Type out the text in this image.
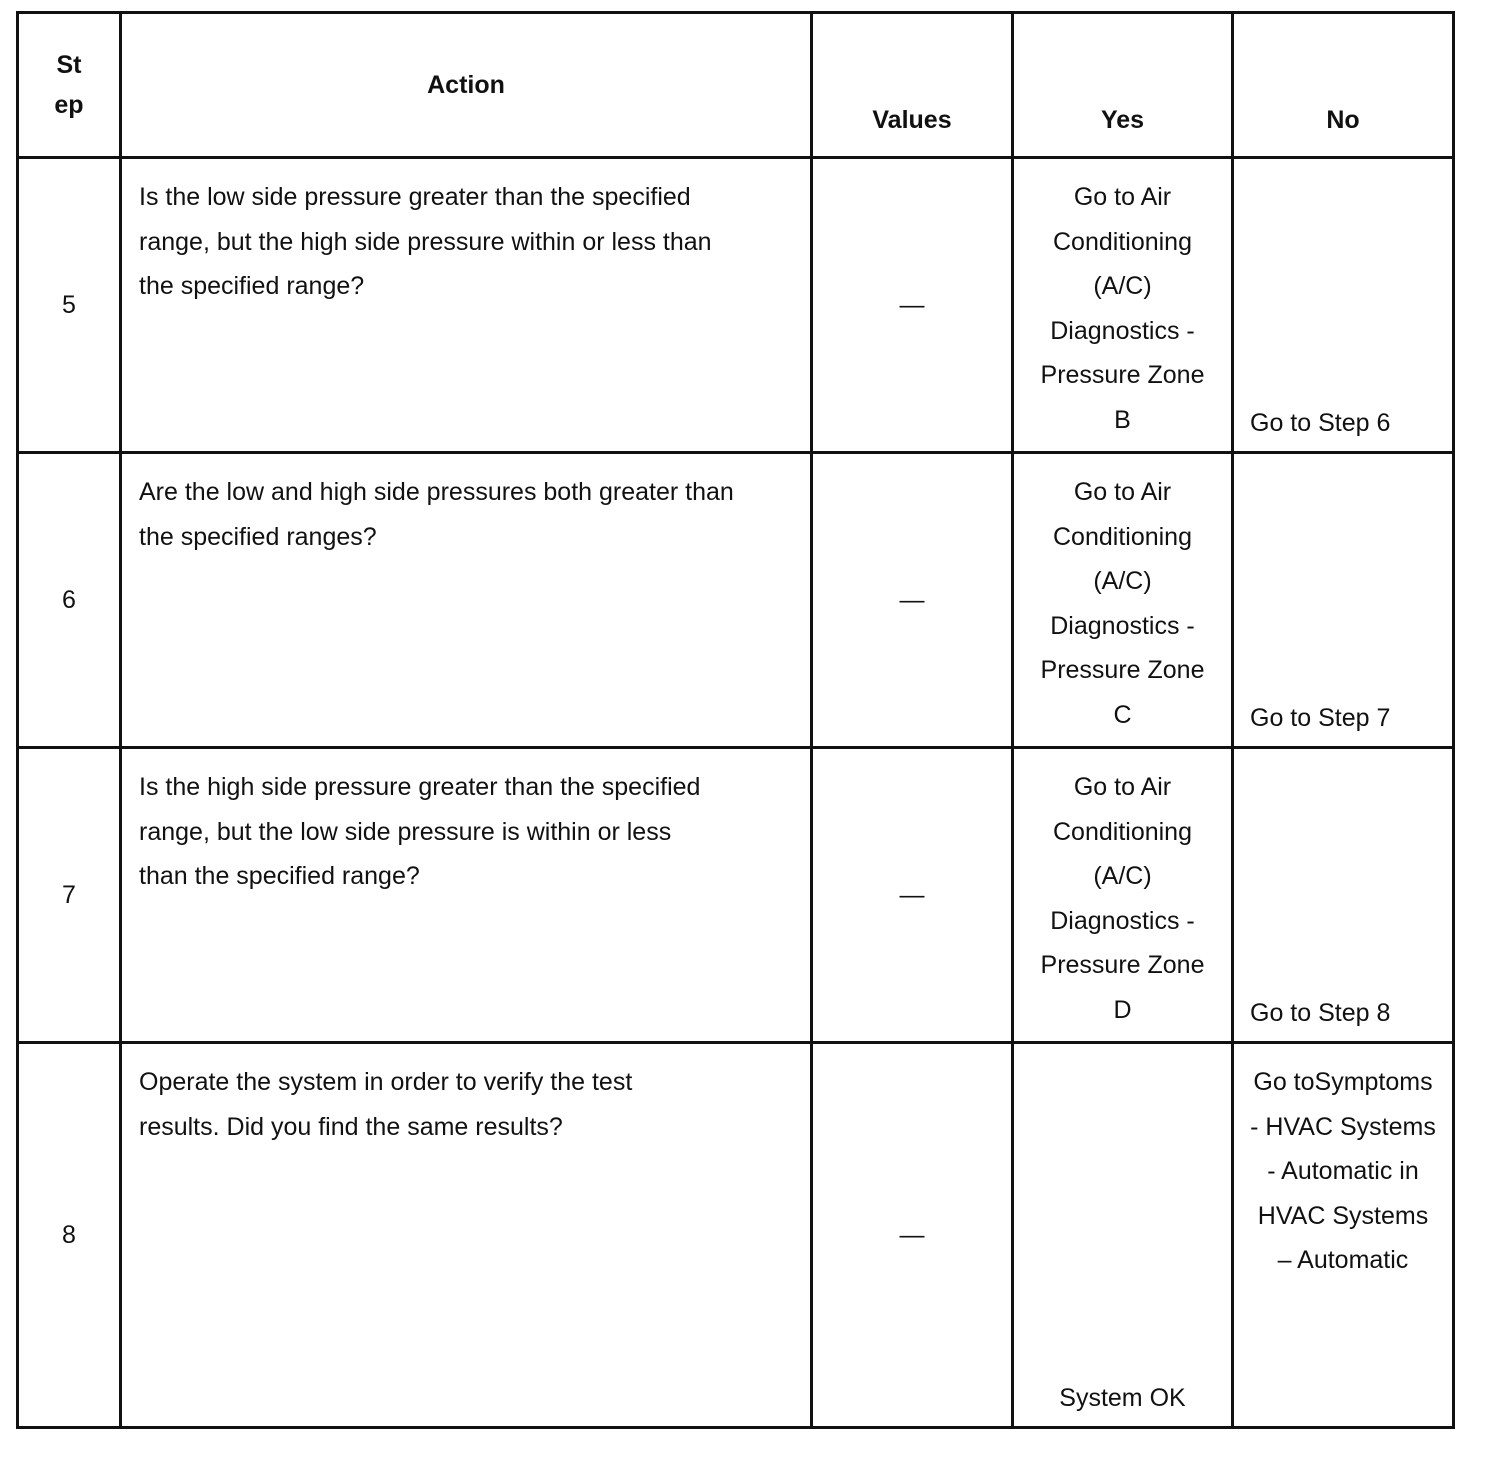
St ep	Action	Values	Yes	No

5	Is the low side pressure greater than the specified range, but the high side pressure within or less than the specified range?	—	Go to Air Conditioning (A/C) Diagnostics - Pressure Zone B	Go to Step 6

6	Are the low and high side pressures both greater than the specified ranges?	—	Go to Air Conditioning (A/C) Diagnostics - Pressure Zone C	Go to Step 7

7	Is the high side pressure greater than the specified range, but the low side pressure is within or less than the specified range?	—	Go to Air Conditioning (A/C) Diagnostics - Pressure Zone D	Go to Step 8

8	Operate the system in order to verify the test results. Did you find the same results?	—	System OK	Go toSymptoms - HVAC Systems - Automatic in HVAC Systems – Automatic
